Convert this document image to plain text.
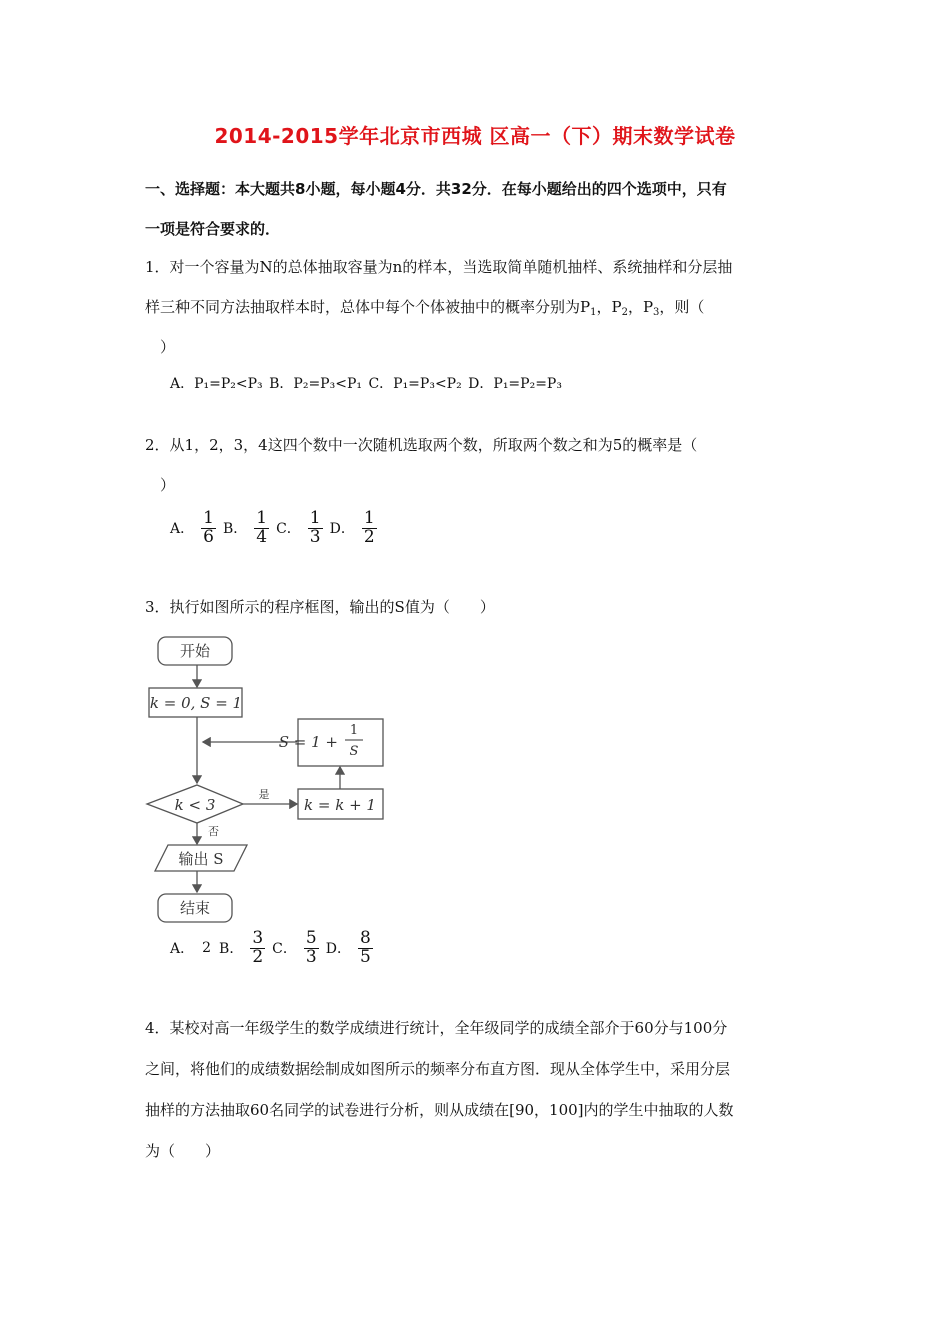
2014-2015学年北京市西城 区高一（下）期末数学试卷
一、选择题：本大题共8小题，每小题4分．共32分．在每小题给出的四个选项中，只有
一项是符合要求的．
1．对一个容量为N的总体抽取容量为n的样本，当选取简单随机抽样、系统抽样和分层抽
样三种不同方法抽取样本时，总体中每个个体被抽中的概率分别为$P_1$，$P_2$，$P_3$，则（
）
A．P₁=P₂<P₃ B．P₂=P₃<P₁ C．P₁=P₃<P₂ D．P₁=P₂=P₃
2．从1，2，3，4这四个数中一次随机选取两个数，所取两个数之和为5的概率是（
）
A． $\frac{1}{6}$ B． $\frac{1}{4}$ C． $\frac{1}{3}$ D． $\frac{1}{2}$
3．执行如图所示的程序框图，输出的S值为（　　）
开始
k = 0, S = 1
k < 3
是
否
k = k + 1
S = 1 +
1
S
输出 S
结束
A． 2 B． $\frac{3}{2}$ C． $\frac{5}{3}$ D． $\frac{8}{5}$
4．某校对高一年级学生的数学成绩进行统计，全年级同学的成绩全部介于60分与100分
之间，将他们的成绩数据绘制成如图所示的频率分布直方图．现从全体学生中，采用分层
抽样的方法抽取60名同学的试卷进行分析，则从成绩在[90，100]内的学生中抽取的人数
为（　　）
